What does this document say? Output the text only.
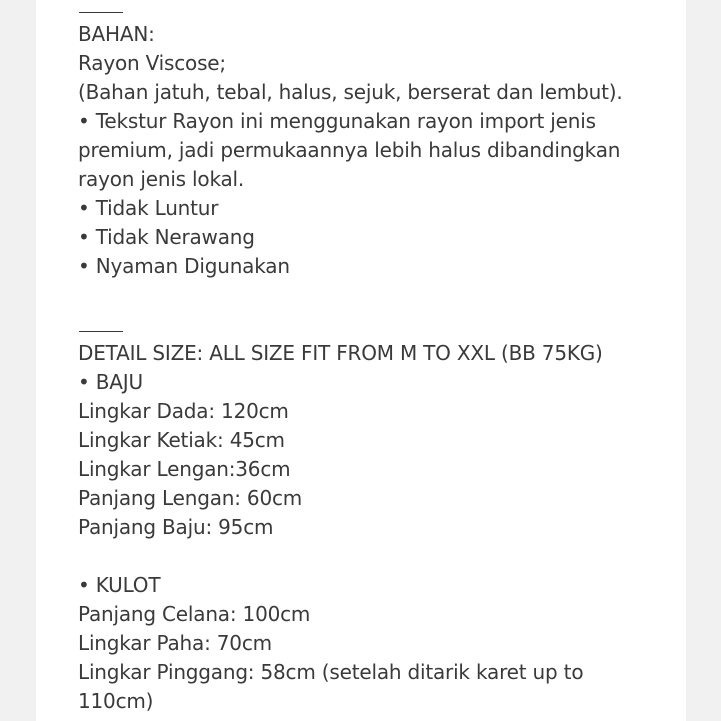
BAHAN:
Rayon Viscose;
(Bahan jatuh, tebal, halus, sejuk, berserat dan lembut).
• Tekstur Rayon ini menggunakan rayon import jenis
premium, jadi permukaannya lebih halus dibandingkan
rayon jenis lokal.
• Tidak Luntur
• Tidak Nerawang
• Nyaman Digunakan
DETAIL SIZE: ALL SIZE FIT FROM M TO XXL (BB 75KG)
• BAJU
Lingkar Dada: 120cm
Lingkar Ketiak: 45cm
Lingkar Lengan:36cm
Panjang Lengan: 60cm
Panjang Baju: 95cm
• KULOT
Panjang Celana: 100cm
Lingkar Paha: 70cm
Lingkar Pinggang: 58cm (setelah ditarik karet up to
110cm)
